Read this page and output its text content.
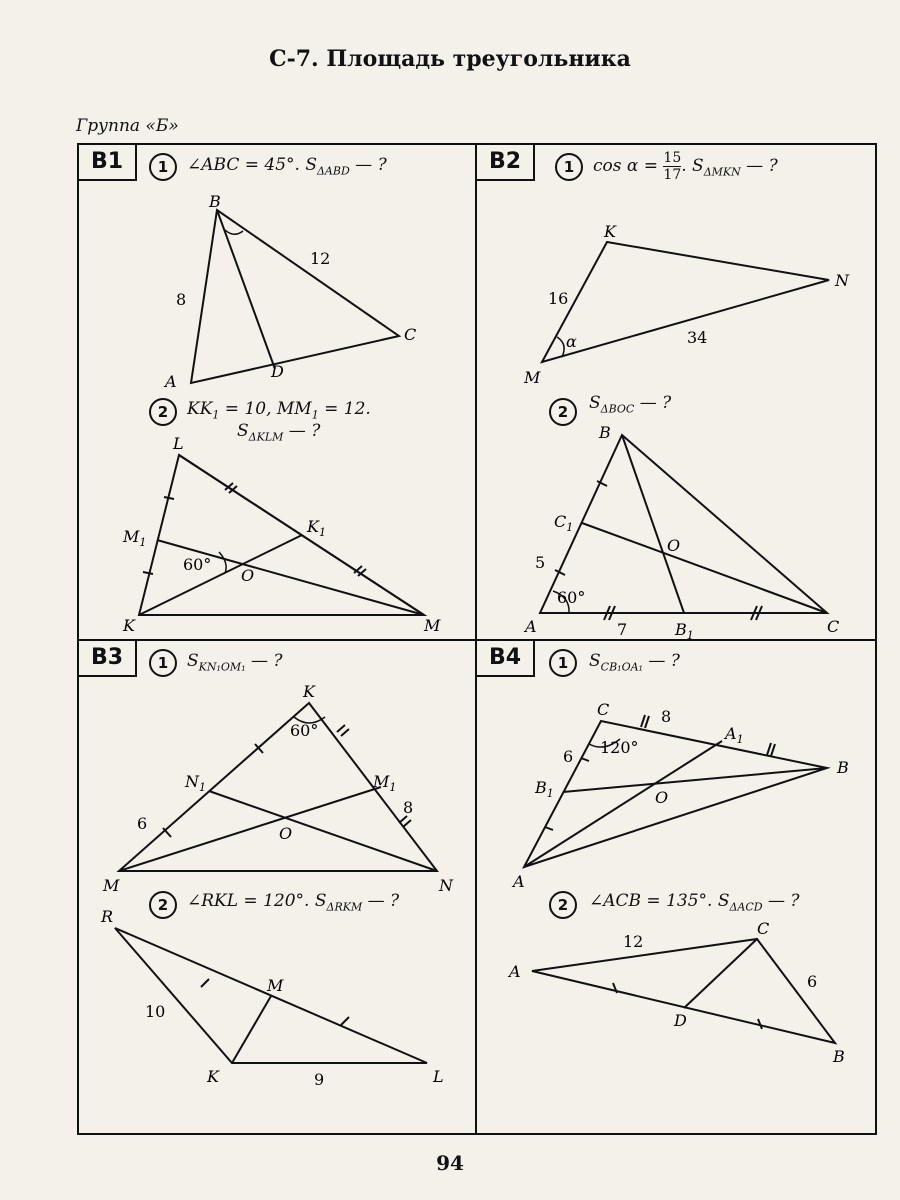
С-7. Площадь треугольника
Группа «Б»
B1	1	∠ABC = 45°. $S_{\Delta ABD}$ — ?
2	$KK_1 = 10$, $MM_1 = 12$.
$S_{\Delta KLM}$ — ?
B
A
C
D
8
12
L
K	M
$M_1$
$K_1$
O
60°
B2	1	$\cos \alpha = \frac{15}{17}$ . $S_{\Delta MKN}$ — ?
2	$S_{\Delta BOC}$ — ?
K
N
M
α
16
34
B
A	C
$C_1$
$B_1$
O
60°
5
7
B3	1	$S_{KN_1OM_1}$ — ?
2	∠RKL = 120°. $S_{\Delta RKM}$ — ?
K
M	N
$N_1$	$M_1$
O
60°
6
8
R
K	L
M
10
9
B4	1	$S_{CB_1OA_1}$ — ?
2	∠ACB = 135°. $S_{\Delta ACD}$ — ?
C
A
B
$A_1$
$B_1$	O
120°
8
6
A
B
C
D
12
6
94
